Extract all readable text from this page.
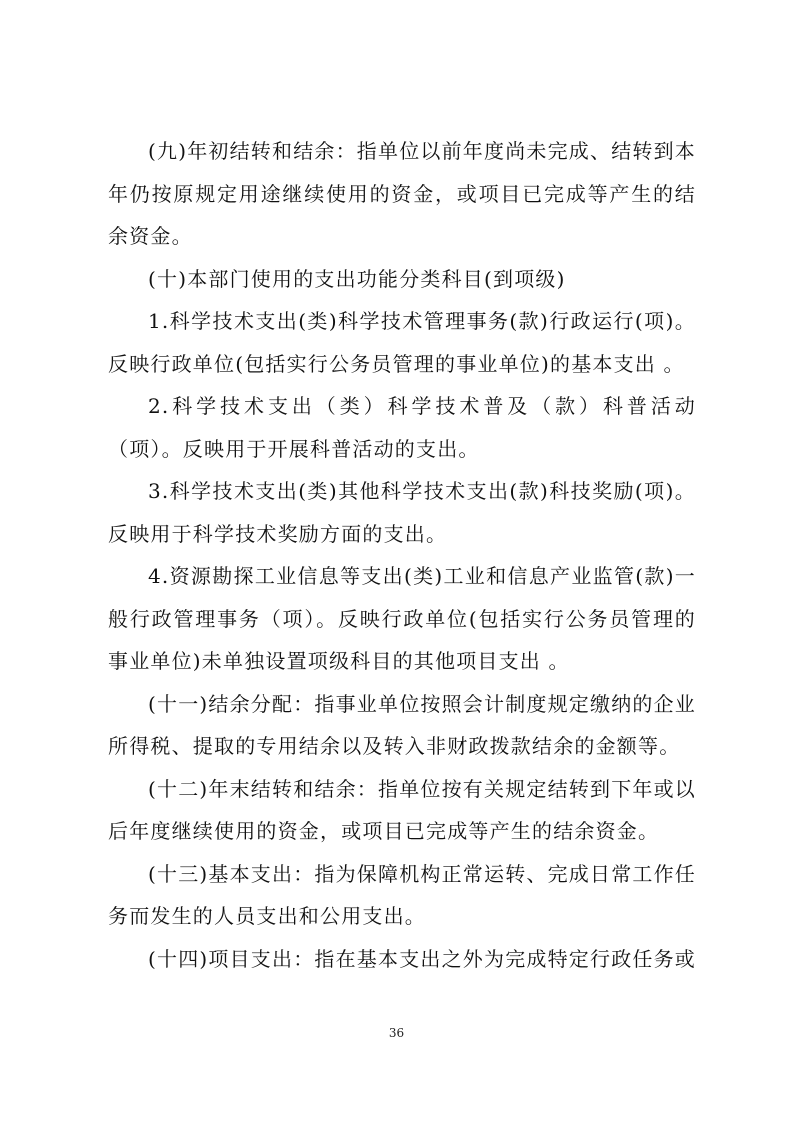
(九)年初结转和结余：指单位以前年度尚未完成、结转到本年仍按原规定用途继续使用的资金，或项目已完成等产生的结余资金。

(十)本部门使用的支出功能分类科目(到项级)

1.科学技术支出(类)科学技术管理事务(款)行政运行(项)。反映行政单位(包括实行公务员管理的事业单位)的基本支出 。

2.科学技术支出（类）科学技术普及（款）科普活动（项）。反映用于开展科普活动的支出。

3.科学技术支出(类)其他科学技术支出(款)科技奖励(项)。反映用于科学技术奖励方面的支出。

4.资源勘探工业信息等支出(类)工业和信息产业监管(款)一般行政管理事务（项）。反映行政单位(包括实行公务员管理的事业单位)未单独设置项级科目的其他项目支出 。

(十一)结余分配：指事业单位按照会计制度规定缴纳的企业所得税、提取的专用结余以及转入非财政拨款结余的金额等。

(十二)年末结转和结余：指单位按有关规定结转到下年或以后年度继续使用的资金，或项目已完成等产生的结余资金。

(十三)基本支出：指为保障机构正常运转、完成日常工作任务而发生的人员支出和公用支出。

(十四)项目支出：指在基本支出之外为完成特定行政任务或

36
